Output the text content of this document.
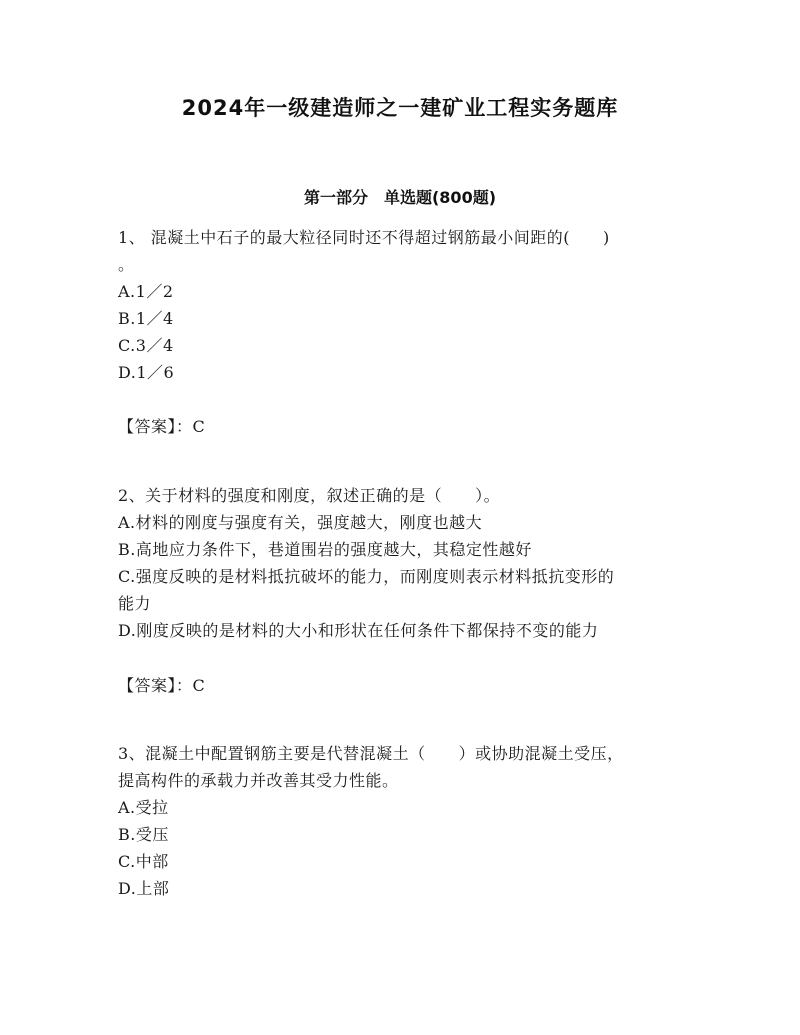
2024年一级建造师之一建矿业工程实务题库
第一部分　单选题(800题)

1、 混凝土中石子的最大粒径同时还不得超过钢筋最小间距的(　　)

。

A.1／2

B.1／4

C.3／4

D.1／6

【答案】：C

2、关于材料的强度和刚度，叙述正确的是（　　）。

A.材料的刚度与强度有关，强度越大，刚度也越大

B.高地应力条件下，巷道围岩的强度越大，其稳定性越好

C.强度反映的是材料抵抗破坏的能力，而刚度则表示材料抵抗变形的

能力

D.刚度反映的是材料的大小和形状在任何条件下都保持不变的能力

【答案】：C

3、混凝土中配置钢筋主要是代替混凝土（　　）或协助混凝土受压，

提高构件的承载力并改善其受力性能。

A.受拉

B.受压

C.中部

D.上部
